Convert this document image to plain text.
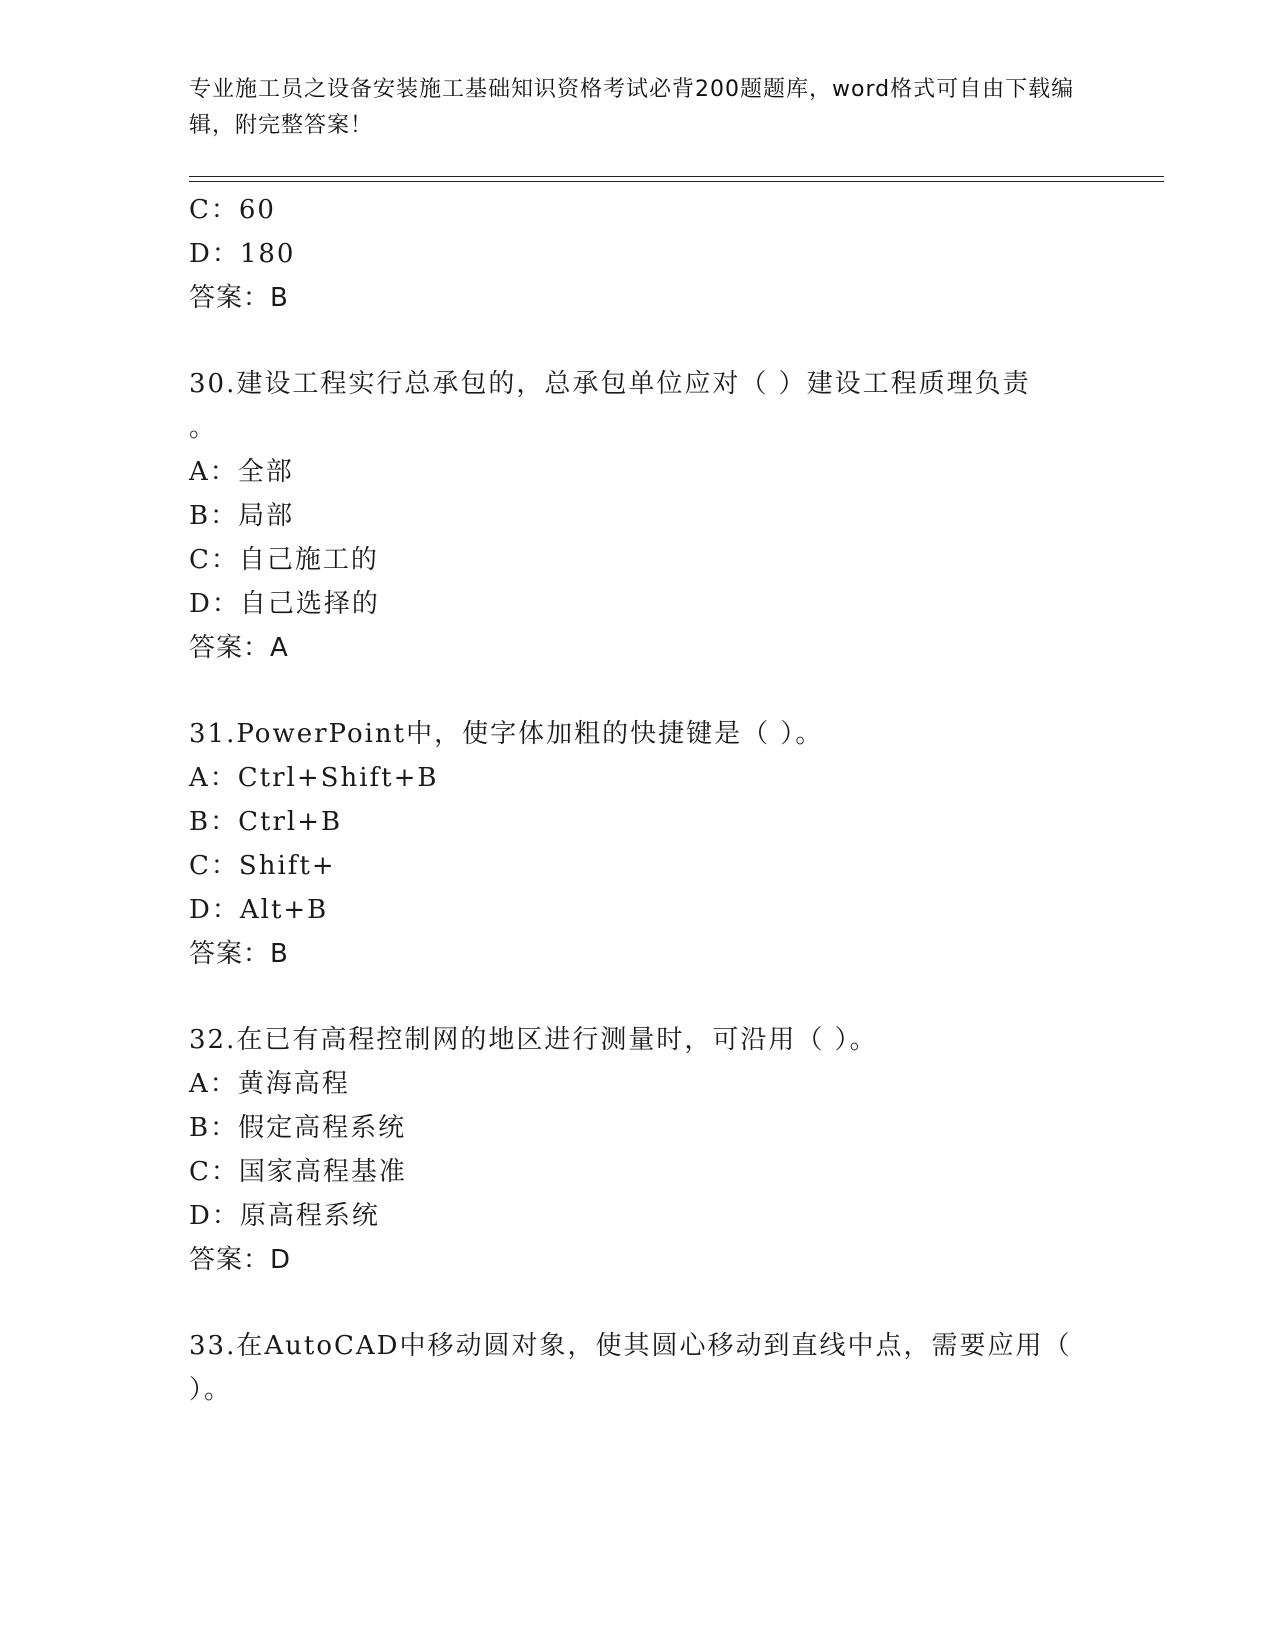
专业施工员之设备安装施工基础知识资格考试必背200题题库，word格式可自由下载编辑，附完整答案！
C：60
D：180
答案：B
30.建设工程实行总承包的，总承包单位应对（ ）建设工程质理负责
。
A：全部
B：局部
C：自己施工的
D：自己选择的
答案：A
31.PowerPoint中，使字体加粗的快捷键是（ ）。
A：Ctrl+Shift+B
B：Ctrl+B
C：Shift+
D：Alt+B
答案：B
32.在已有高程控制网的地区进行测量时，可沿用（ ）。
A：黄海高程
B：假定高程系统
C：国家高程基准
D：原高程系统
答案：D
33.在AutoCAD中移动圆对象，使其圆心移动到直线中点，需要应用（
）。
